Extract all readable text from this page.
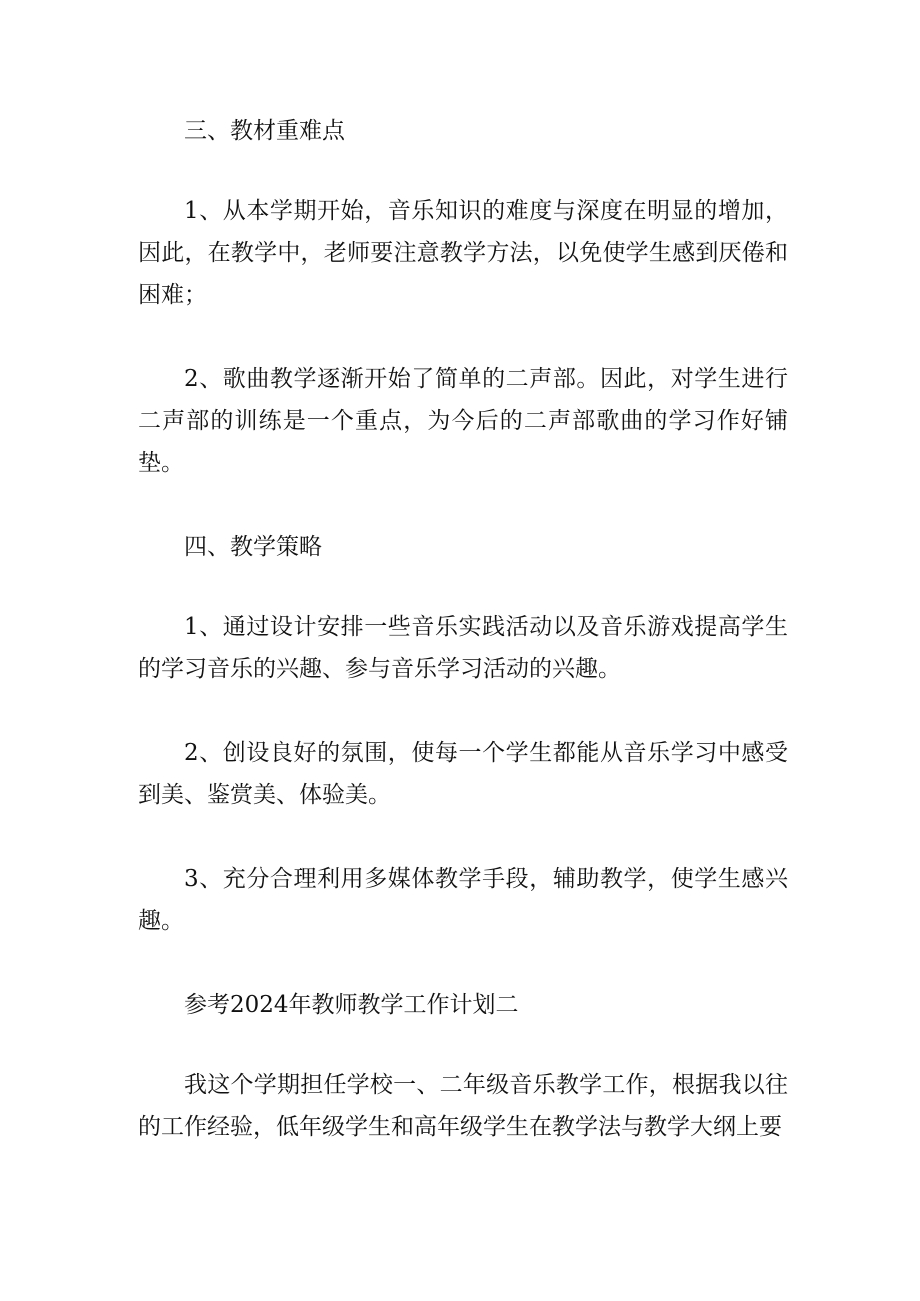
三、教材重难点

1、从本学期开始，音乐知识的难度与深度在明显的增加，因此，在教学中，老师要注意教学方法，以免使学生感到厌倦和困难；

2、歌曲教学逐渐开始了简单的二声部。因此，对学生进行二声部的训练是一个重点，为今后的二声部歌曲的学习作好铺垫。

四、教学策略

1、通过设计安排一些音乐实践活动以及音乐游戏提高学生的学习音乐的兴趣、参与音乐学习活动的兴趣。

2、创设良好的氛围，使每一个学生都能从音乐学习中感受到美、鉴赏美、体验美。

3、充分合理利用多媒体教学手段，辅助教学，使学生感兴趣。

参考2024年教师教学工作计划二

我这个学期担任学校一、二年级音乐教学工作，根据我以往的工作经验，低年级学生和高年级学生在教学法与教学大纲上要
